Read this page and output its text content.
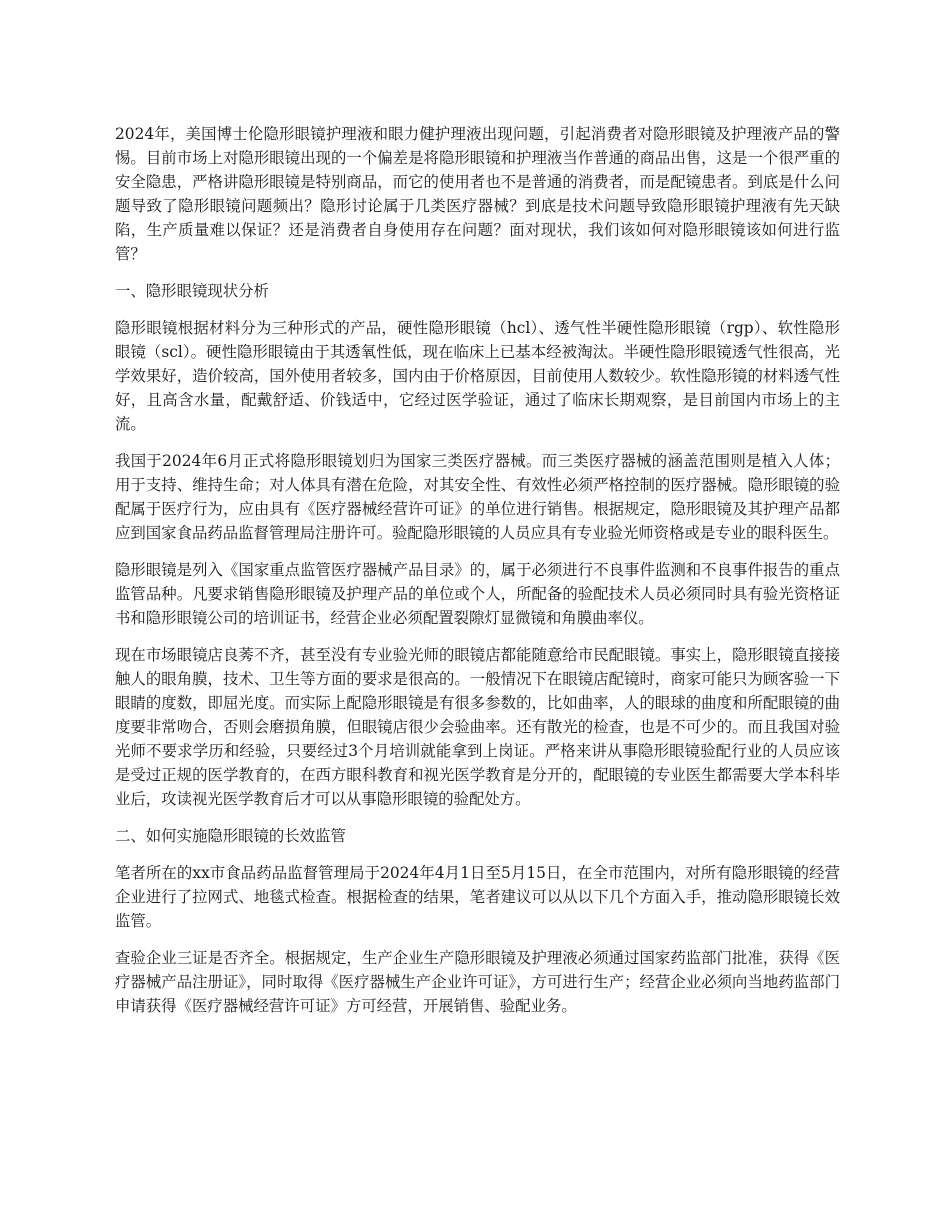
2024年，美国博士伦隐形眼镜护理液和眼力健护理液出现问题，引起消费者对隐形眼镜及护理液产品的警惕。目前市场上对隐形眼镜出现的一个偏差是将隐形眼镜和护理液当作普通的商品出售，这是一个很严重的安全隐患，严格讲隐形眼镜是特别商品，而它的使用者也不是普通的消费者，而是配镜患者。到底是什么问题导致了隐形眼镜问题频出？隐形讨论属于几类医疗器械？到底是技术问题导致隐形眼镜护理液有先天缺陷，生产质量难以保证？还是消费者自身使用存在问题？面对现状，我们该如何对隐形眼镜该如何进行监管？

一、隐形眼镜现状分析

隐形眼镜根据材料分为三种形式的产品，硬性隐形眼镜（hcl）、透气性半硬性隐形眼镜（rgp）、软性隐形眼镜（scl）。硬性隐形眼镜由于其透氧性低，现在临床上已基本经被淘汰。半硬性隐形眼镜透气性很高，光学效果好，造价较高，国外使用者较多，国内由于价格原因，目前使用人数较少。软性隐形镜的材料透气性好，且高含水量，配戴舒适、价钱适中，它经过医学验证，通过了临床长期观察，是目前国内市场上的主流。

我国于2024年6月正式将隐形眼镜划归为国家三类医疗器械。而三类医疗器械的涵盖范围则是植入人体；用于支持、维持生命；对人体具有潜在危险，对其安全性、有效性必须严格控制的医疗器械。隐形眼镜的验配属于医疗行为，应由具有《医疗器械经营许可证》的单位进行销售。根据规定，隐形眼镜及其护理产品都应到国家食品药品监督管理局注册许可。验配隐形眼镜的人员应具有专业验光师资格或是专业的眼科医生。

隐形眼镜是列入《国家重点监管医疗器械产品目录》的，属于必须进行不良事件监测和不良事件报告的重点监管品种。凡要求销售隐形眼镜及护理产品的单位或个人，所配备的验配技术人员必须同时具有验光资格证书和隐形眼镜公司的培训证书，经营企业必须配置裂隙灯显微镜和角膜曲率仪。

现在市场眼镜店良莠不齐，甚至没有专业验光师的眼镜店都能随意给市民配眼镜。事实上，隐形眼镜直接接触人的眼角膜，技术、卫生等方面的要求是很高的。一般情况下在眼镜店配镜时，商家可能只为顾客验一下眼睛的度数，即屈光度。而实际上配隐形眼镜是有很多参数的，比如曲率，人的眼球的曲度和所配眼镜的曲度要非常吻合，否则会磨损角膜，但眼镜店很少会验曲率。还有散光的检查，也是不可少的。而且我国对验光师不要求学历和经验，只要经过3个月培训就能拿到上岗证。严格来讲从事隐形眼镜验配行业的人员应该是受过正规的医学教育的，在西方眼科教育和视光医学教育是分开的，配眼镜的专业医生都需要大学本科毕业后，攻读视光医学教育后才可以从事隐形眼镜的验配处方。

二、如何实施隐形眼镜的长效监管

笔者所在的xx市食品药品监督管理局于2024年4月1日至5月15日，在全市范围内，对所有隐形眼镜的经营企业进行了拉网式、地毯式检查。根据检查的结果，笔者建议可以从以下几个方面入手，推动隐形眼镜长效监管。

查验企业三证是否齐全。根据规定，生产企业生产隐形眼镜及护理液必须通过国家药监部门批准，获得《医疗器械产品注册证》，同时取得《医疗器械生产企业许可证》，方可进行生产；经营企业必须向当地药监部门申请获得《医疗器械经营许可证》方可经营，开展销售、验配业务。
